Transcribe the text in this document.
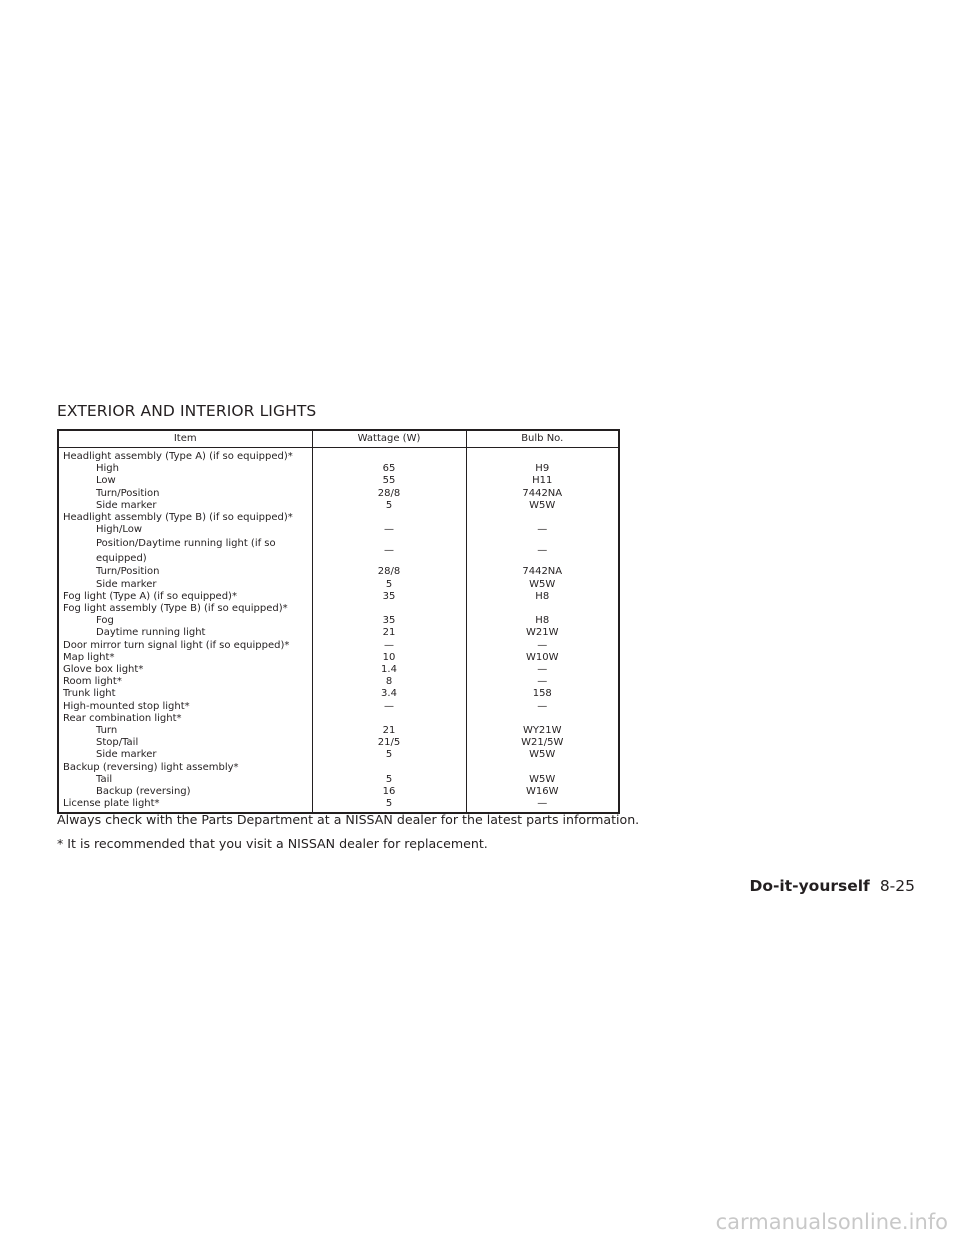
EXTERIOR AND INTERIOR LIGHTS
Item	Wattage (W)	Bulb No.
Headlight assembly (Type A) (if so equipped)*		
High	65	H9
Low	55	H11
Turn/Position	28/8	7442NA
Side marker	5	W5W
Headlight assembly (Type B) (if so equipped)*		
High/Low	—	—
Position/Daytime running light (if so equipped)	—	—
Turn/Position	28/8	7442NA
Side marker	5	W5W
Fog light (Type A) (if so equipped)*	35	H8
Fog light assembly (Type B) (if so equipped)*		
Fog	35	H8
Daytime running light	21	W21W
Door mirror turn signal light (if so equipped)*	—	—
Map light*	10	W10W
Glove box light*	1.4	—
Room light*	8	—
Trunk light	3.4	158
High-mounted stop light*	—	—
Rear combination light*		
Turn	21	WY21W
Stop/Tail	21/5	W21/5W
Side marker	5	W5W
Backup (reversing) light assembly*		
Tail	5	W5W
Backup (reversing)	16	W16W
License plate light*	5	—

Always check with the Parts Department at a NISSAN dealer for the latest parts information.

* It is recommended that you visit a NISSAN dealer for replacement.

Do-it-yourself 8-25
carmanualsonline.info
